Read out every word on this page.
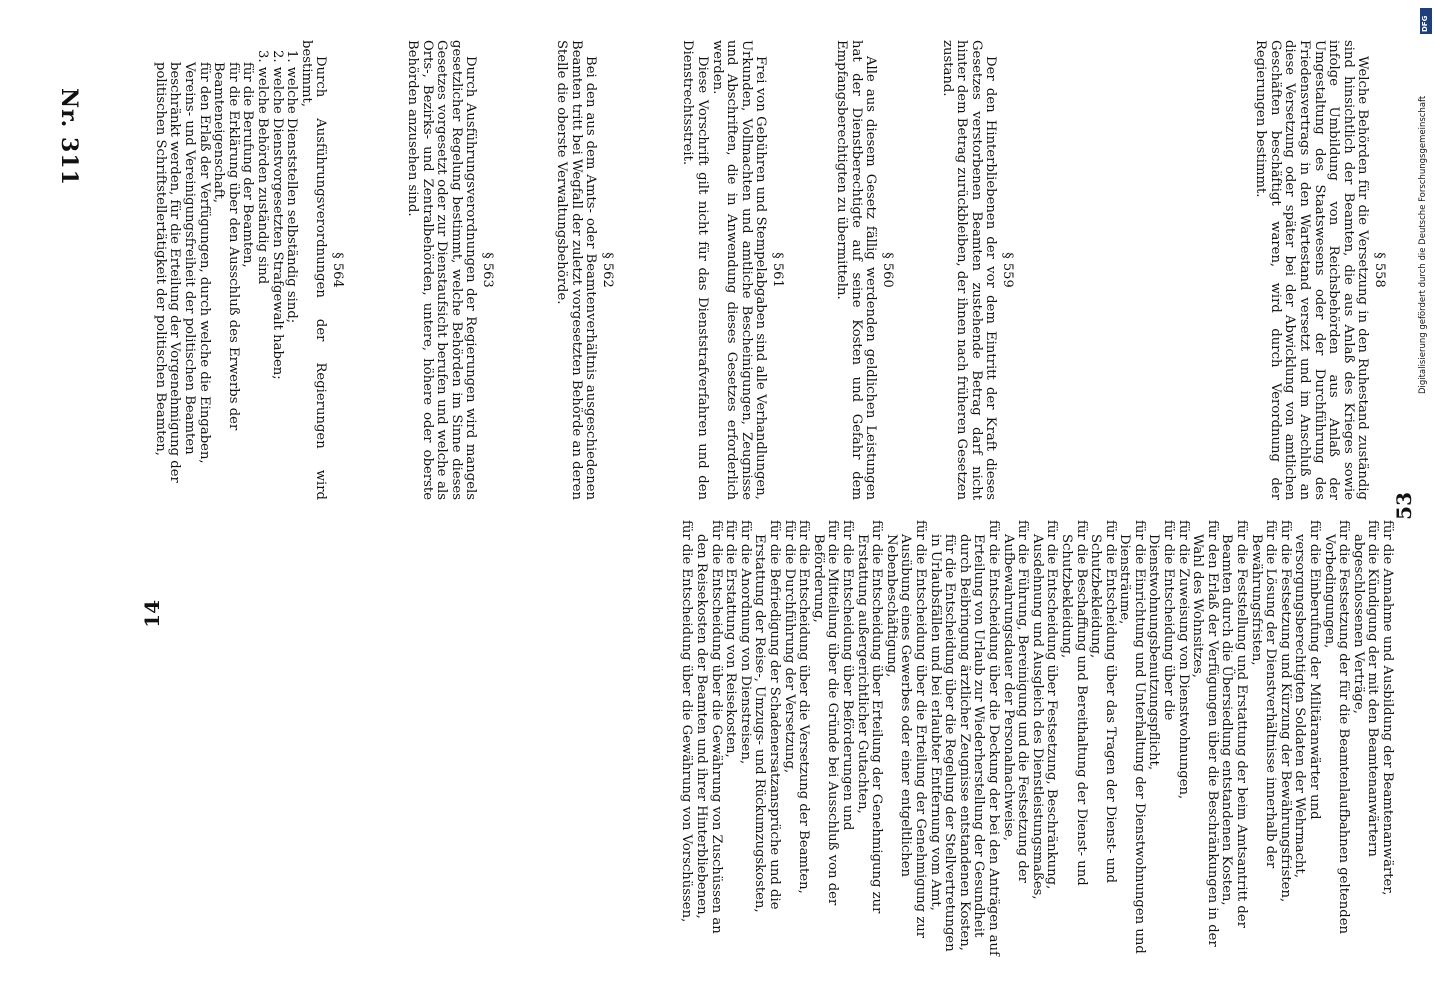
DFG
Digitalisierung gefördert durch die Deutsche Forschungsgemeinschaft
§ 558

Welche Behörden für die Versetzung in den Ruhestand zuständig sind hinsichtlich der Beamten, die aus Anlaß des Krieges sowie infolge Umbildung von Reichsbehörden aus Anlaß der Umgestaltung des Staatswesens oder der Durchführung des Friedensvertrags in den Wartestand versetzt und im Anschluß an diese Versetzung oder später bei der Abwicklung von amtlichen Geschäften beschäftigt waren, wird durch Verordnung der Regierungen bestimmt.

§ 559

Der den Hinterbliebenen der vor dem Eintritt der Kraft dieses Gesetzes verstorbenen Beamten zustehende Betrag darf nicht hinter dem Betrag zurückbleiben, der ihnen nach früheren Gesetzen zustand.

§ 560

Alle aus diesem Gesetz fällig werdenden geldlichen Leistungen hat der Dienstberechtigte auf seine Kosten und Gefahr dem Empfangsberechtigten zu übermitteln.

§ 561

Frei von Gebühren und Stempelabgaben sind alle Verhandlungen, Urkunden, Vollmachten und amtliche Bescheinigungen, Zeugnisse und Abschriften, die in Anwendung dieses Gesetzes erforderlich werden.

Diese Vorschrift gilt nicht für das Dienststrafverfahren und den Dienstrechtsstreit.

§ 562

Bei den aus dem Amts- oder Beamtenverhältnis ausgeschiedenen Beamten tritt bei Wegfall der zuletzt vorgesetzten Behörde an deren Stelle die oberste Verwaltungsbehörde.

§ 563

Durch Ausführungsverordnungen der Regierungen wird mangels gesetzlicher Regelung bestimmt, welche Behörden im Sinne dieses Gesetzes vorgesetzt oder zur Dienstaufsicht berufen und welche als Orts-, Bezirks- und Zentralbehörden, untere, höhere oder oberste Behörden anzusehen sind.

§ 564

Durch Ausführungsverordnungen der Regierungen wird bestimmt,

1. welche Dienststellen selbständig sind;
2. welche Dienstvorgesetzten Strafgewalt haben;
3. welche Behörden zuständig sind
für die Berufung der Beamten,
für die Erklärung über den Ausschluß des Erwerbs der Beamteneigenschaft,
für den Erlaß der Verfügungen, durch welche die Eingaben, Vereins- und Vereinigungsfreiheit der politischen Beamten beschränkt werden, für die Erteilung der Vorgenehmigung der politischen Schriftstellertätigkeit der politischen Beamten,
53
für die Annahme und Ausbildung der Beamtenanwärter,
für die Kündigung der mit den Beamtenanwärtern abgeschlossenen Verträge,
für die Festsetzung der für die Beamtenlaufbahnen geltenden Vorbedingungen,
für die Einberufung der Militäranwärter und versorgungsberechtigten Soldaten der Wehrmacht,
für die Festsetzung und Kürzung der Bewährungsfristen,
für die Lösung der Dienstverhältnisse innerhalb der Bewährungsfristen,
für die Feststellung und Erstattung der beim Amtsantritt der Beamten durch die Übersiedlung entstandenen Kosten,
für den Erlaß der Verfügungen über die Beschränkungen in der Wahl des Wohnsitzes,
für die Zuweisung von Dienstwohnungen,
für die Entscheidung über die Dienstwohnungsbenutzungspflicht,
für die Einrichtung und Unterhaltung der Dienstwohnungen und Diensträume,
für die Entscheidung über das Tragen der Dienst- und Schutzbekleidung,
für die Beschaffung und Bereithaltung der Dienst- und Schutzbekleidung,
für die Entscheidung über Festsetzung, Beschränkung, Ausdehnung und Ausgleich des Dienstleistungsmaßes,
für die Führung, Bereinigung und die Festsetzung der Aufbewahrungsdauer der Personalnachweise,
für die Entscheidung über die Deckung der bei den Anträgen auf Erteilung von Urlaub zur Wiederherstellung der Gesundheit durch Beibringung ärztlicher Zeugnisse entstandenen Kosten, für die Entscheidung über die Regelung der Stellvertretungen in Urlaubsfällen und bei erlaubter Entfernung vom Amt,
für die Entscheidung über die Erteilung der Genehmigung zur Ausübung eines Gewerbes oder einer entgeltlichen Nebenbeschäftigung,
für die Entscheidung über Erteilung der Genehmigung zur Erstattung außergerichtlicher Gutachten,
für die Entscheidung über Beförderungen und
für die Mitteilung über die Gründe bei Ausschluß von der Beförderung,
für die Entscheidung über die Versetzung der Beamten,
für die Durchführung der Versetzung,
für die Befriedigung der Schadenersatzansprüche und die Erstattung der Reise-, Umzugs- und Rückumzugskosten,
für die Anordnung von Dienstreisen,
für die Erstattung von Reisekosten,
für die Entscheidung über die Gewährung von Zuschüssen an den Reisekosten der Beamten und ihrer Hinterbliebenen,
für die Entscheidung über die Gewährung von Vorschüssen,
14
Nr. 311
